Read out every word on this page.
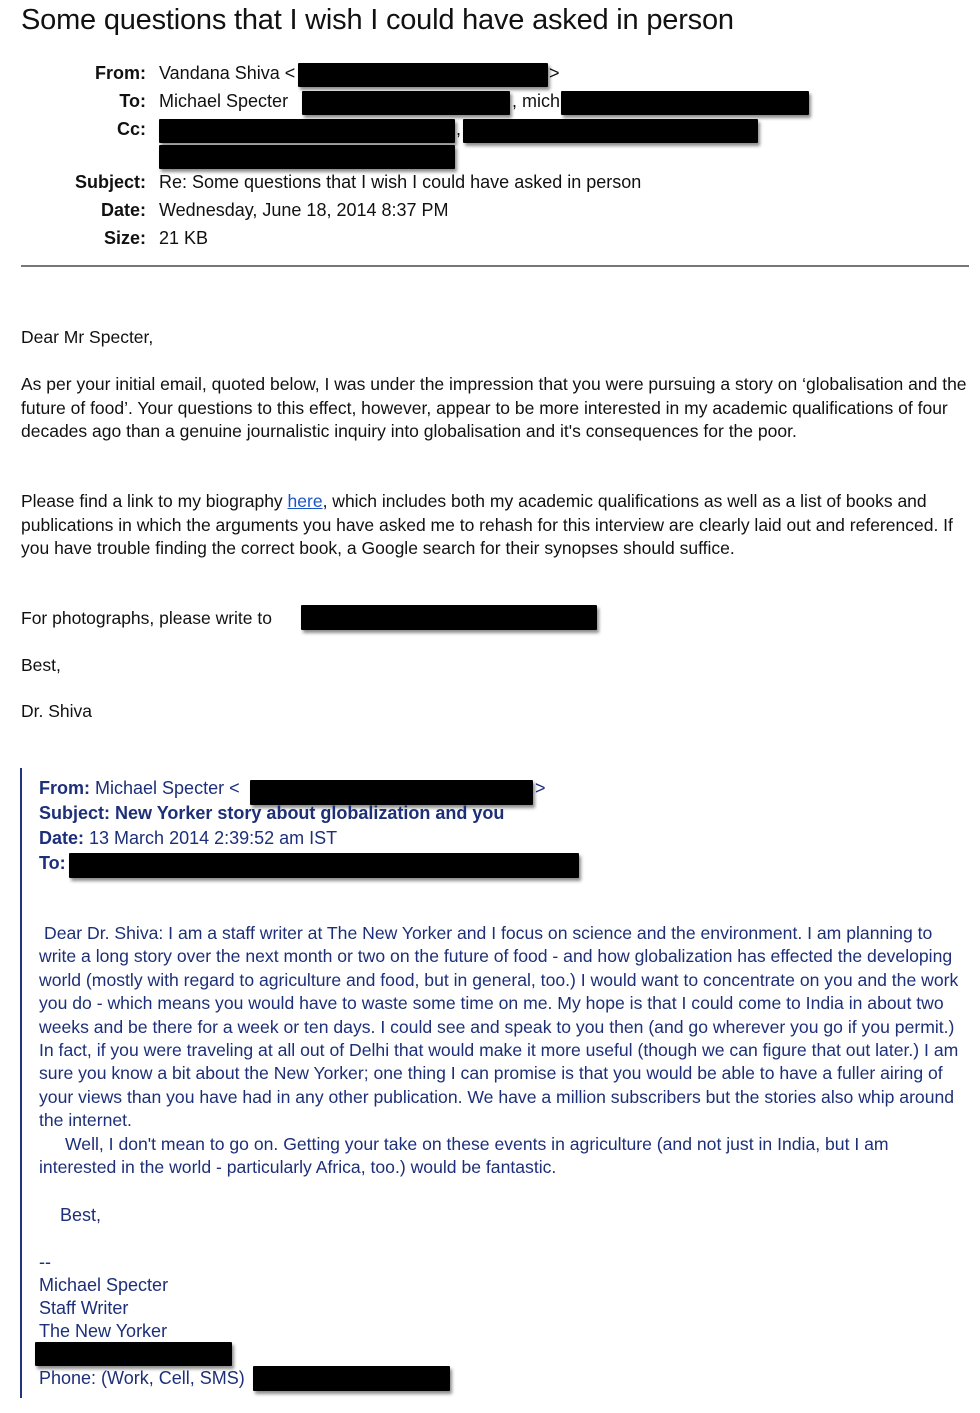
Some questions that I wish I could have asked in person
From: Vandana Shiva <	>
To: Michael Specter	, mich
Cc:	,
Subject: Re: Some questions that I wish I could have asked in person
Date: Wednesday, June 18, 2014 8:37 PM
Size: 21 KB
Dear Mr Specter,

As per your initial email, quoted below, I was under the impression that you were pursuing a story on ‘globalisation and the future of food’. Your questions to this effect, however, appear to be more interested in my academic qualifications of four decades ago than a genuine journalistic inquiry into globalisation and it's consequences for the poor.

Please find a link to my biography here, which includes both my academic qualifications as well as a list of books and publications in which the arguments you have asked me to rehash for this interview are clearly laid out and referenced. If you have trouble finding the correct book, a Google search for their synopses should suffice.

For photographs, please write to
Best,
Dr. Shiva
From: Michael Specter <	>
Subject: New Yorker story about globalization and you
Date: 13 March 2014 2:39:52 am IST
To:
Dear Dr. Shiva: I am a staff writer at The New Yorker and I focus on science and the environment. I am planning to write a long story over the next month or two on the future of food - and how globalization has effected the developing world (mostly with regard to agriculture and food, but in general, too.) I would want to concentrate on you and the work you do - which means you would have to waste some time on me. My hope is that I could come to India in about two weeks and be there for a week or ten days. I could see and speak to you then (and go wherever you go if you permit.) In fact, if you were traveling at all out of Delhi that would make it more useful (though we can figure that out later.) I am sure you know a bit about the New Yorker; one thing I can promise is that you would be able to have a fuller airing of your views than you have had in any other publication. We have a million subscribers but the stories also whip around the internet.
Well, I don't mean to go on. Getting your take on these events in agriculture (and not just in India, but I am interested in the world - particularly Africa, too.) would be fantastic.
Best,
--
Michael Specter
Staff Writer
The New Yorker
Phone: (Work, Cell, SMS)
